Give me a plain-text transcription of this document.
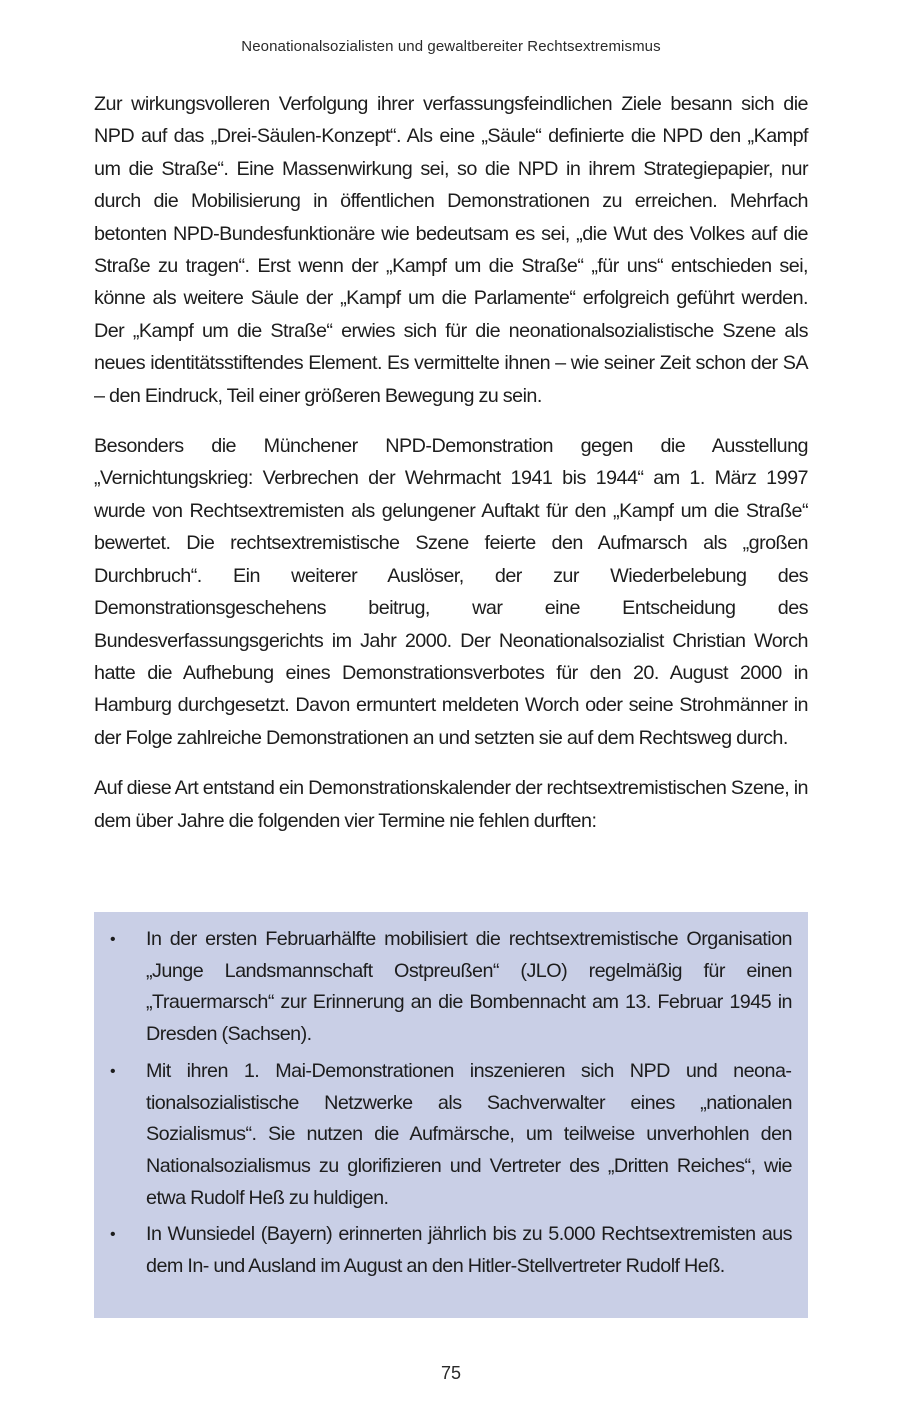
Neonationalsozialisten und gewaltbereiter Rechtsextremismus

Zur wirkungsvolleren Verfolgung ihrer verfassungsfeindlichen Ziele besann sich die NPD auf das „Drei-Säulen-Konzept“. Als eine „Säule“ definierte die NPD den „Kampf um die Straße“. Eine Massenwirkung sei, so die NPD in ihrem Strategiepapier, nur durch die Mobilisierung in öffentlichen Demonstrationen zu erreichen. Mehrfach betonten NPD-Bundesfunktionäre wie bedeutsam es sei, „die Wut des Volkes auf die Straße zu tragen“. Erst wenn der „Kampf um die Straße“ „für uns“ entschieden sei, könne als weitere Säule der „Kampf um die Parlamente“ erfolgreich geführt werden. Der „Kampf um die Straße“ erwies sich für die neonationalsozialistische Szene als neues identitätsstiftendes Element. Es vermittelte ihnen – wie seiner Zeit schon der SA – den Eindruck, Teil einer größeren Bewegung zu sein.

Besonders die Münchener NPD-Demonstration gegen die Ausstellung „Vernichtungskrieg: Verbrechen der Wehrmacht 1941 bis 1944“ am 1. März 1997 wurde von Rechtsextremisten als gelungener Auftakt für den „Kampf um die Straße“ bewertet. Die rechtsextremistische Szene feierte den Aufmarsch als „großen Durchbruch“. Ein weiterer Auslöser, der zur Wiederbelebung des Demonstrationsgeschehens beitrug, war eine Entscheidung des Bundesverfassungsgerichts im Jahr 2000. Der Neonationalsozialist Christian Worch hatte die Aufhebung eines Demonstrationsverbotes für den 20. August 2000 in Hamburg durchgesetzt. Davon ermuntert meldeten Worch oder seine Strohmänner in der Folge zahlreiche Demonstrationen an und setzten sie auf dem Rechtsweg durch.

Auf diese Art entstand ein Demonstrationskalender der rechtsextremistischen Szene, in dem über Jahre die folgenden vier Termine nie fehlen durften:

• In der ersten Februarhälfte mobilisiert die rechtsextremistische Organisation „Junge Landsmannschaft Ostpreußen“ (JLO) regelmäßig für einen „Trauermarsch“ zur Erinnerung an die Bombennacht am 13. Februar 1945 in Dresden (Sachsen).
• Mit ihren 1. Mai-Demonstrationen inszenieren sich NPD und neonationalsozialistische Netzwerke als Sachverwalter eines „nationalen Sozialismus“. Sie nutzen die Aufmärsche, um teilweise unverhohlen den Nationalsozialismus zu glorifizieren und Vertreter des „Dritten Reiches“, wie etwa Rudolf Heß zu huldigen.
• In Wunsiedel (Bayern) erinnerten jährlich bis zu 5.000 Rechtsextremisten aus dem In- und Ausland im August an den Hitler-Stellvertreter Rudolf Heß.
75
